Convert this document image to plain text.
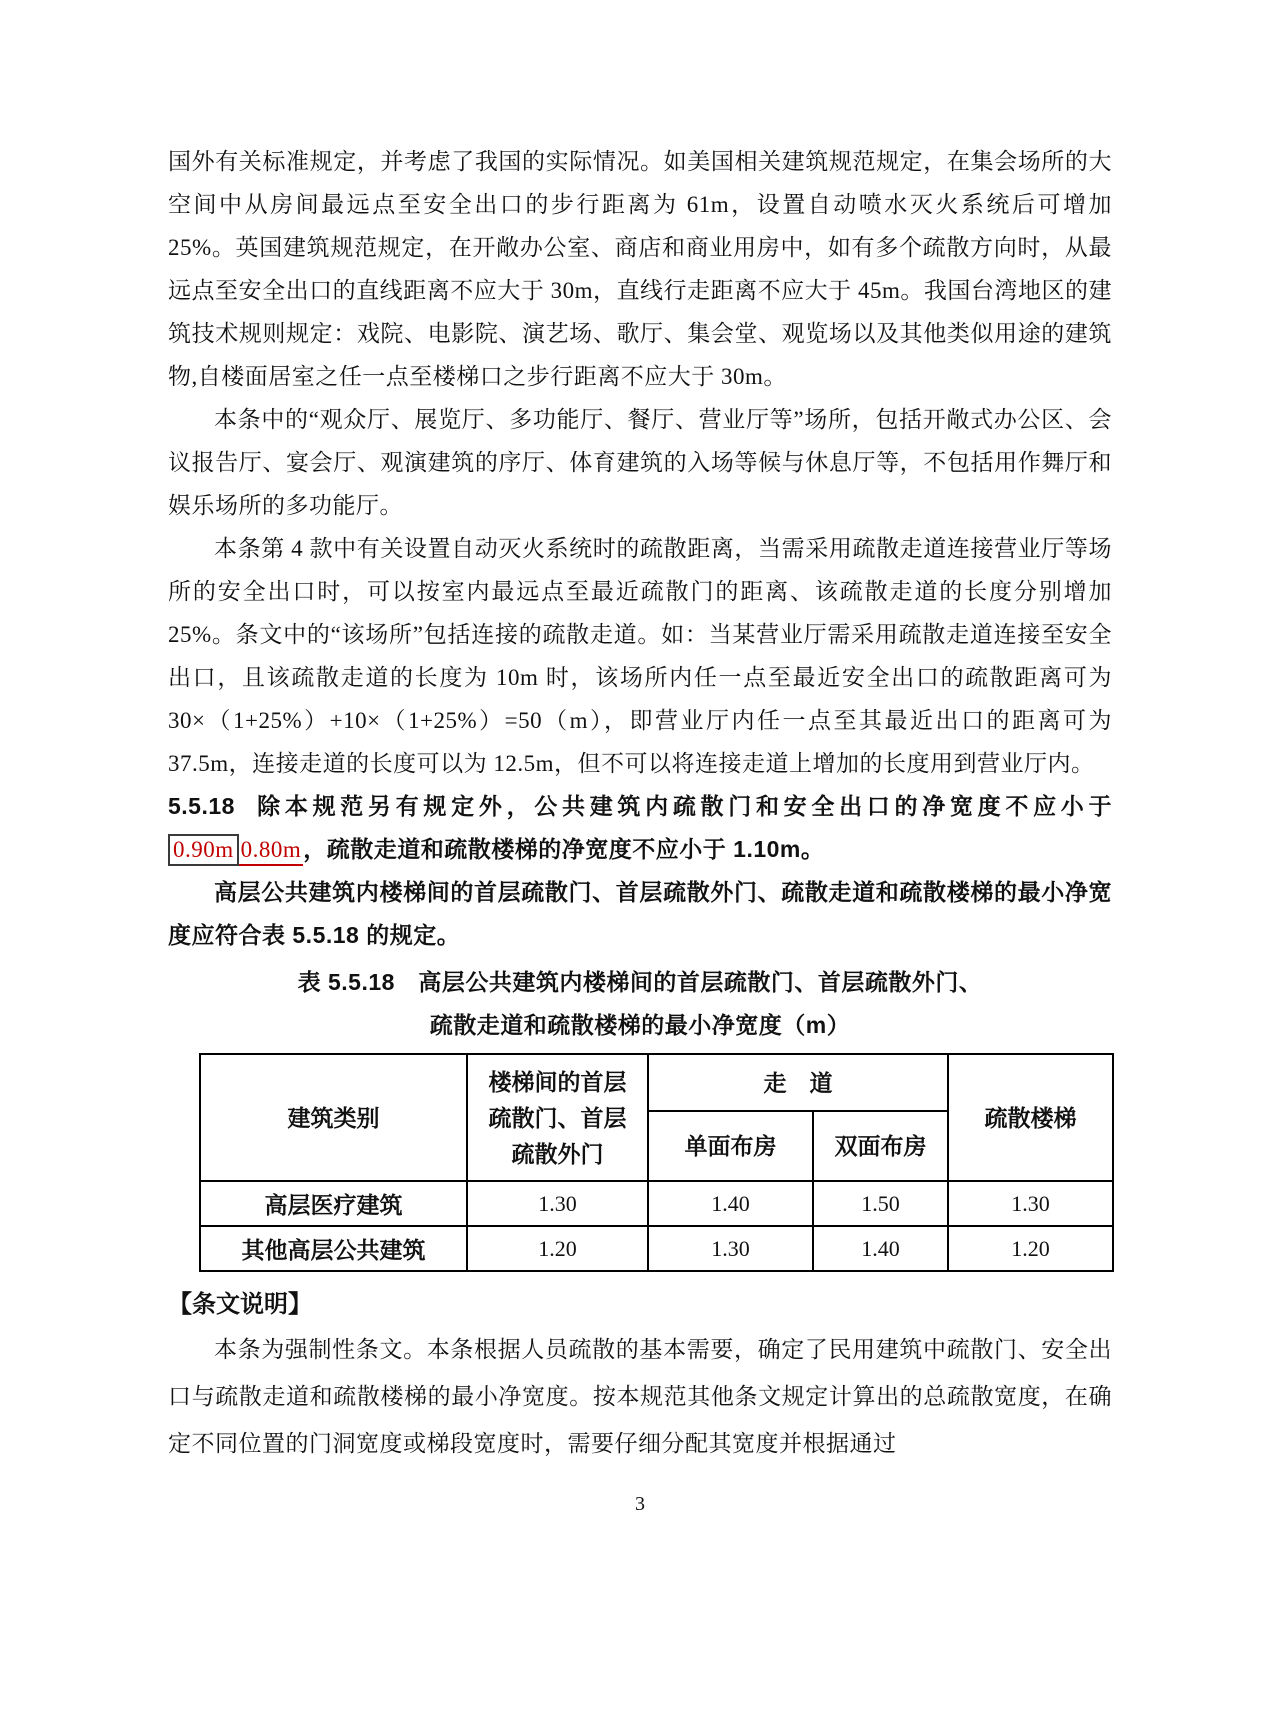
国外有关标准规定，并考虑了我国的实际情况。如美国相关建筑规范规定，在集会场所的大空间中从房间最远点至安全出口的步行距离为 61m，设置自动喷水灭火系统后可增加 25%。英国建筑规范规定，在开敞办公室、商店和商业用房中，如有多个疏散方向时，从最远点至安全出口的直线距离不应大于 30m，直线行走距离不应大于 45m。我国台湾地区的建筑技术规则规定：戏院、电影院、演艺场、歌厅、集会堂、观览场以及其他类似用途的建筑物,自楼面居室之任一点至楼梯口之步行距离不应大于 30m。

本条中的“观众厅、展览厅、多功能厅、餐厅、营业厅等”场所，包括开敞式办公区、会议报告厅、宴会厅、观演建筑的序厅、体育建筑的入场等候与休息厅等，不包括用作舞厅和娱乐场所的多功能厅。

本条第 4 款中有关设置自动灭火系统时的疏散距离，当需采用疏散走道连接营业厅等场所的安全出口时，可以按室内最远点至最近疏散门的距离、该疏散走道的长度分别增加 25%。条文中的“该场所”包括连接的疏散走道。如：当某营业厅需采用疏散走道连接至安全出口，且该疏散走道的长度为 10m 时，该场所内任一点至最近安全出口的疏散距离可为 30×（1+25%）+10×（1+25%）=50（m），即营业厅内任一点至其最近出口的距离可为 37.5m，连接走道的长度可以为 12.5m，但不可以将连接走道上增加的长度用到营业厅内。

5.5.18 除本规范另有规定外，公共建筑内疏散门和安全出口的净宽度不应小于0.90m 0.80m，疏散走道和疏散楼梯的净宽度不应小于 1.10m。

高层公共建筑内楼梯间的首层疏散门、首层疏散外门、疏散走道和疏散楼梯的最小净宽度应符合表 5.5.18 的规定。

表 5.5.18　高层公共建筑内楼梯间的首层疏散门、首层疏散外门、
疏散走道和疏散楼梯的最小净宽度（m）
建筑类别	楼梯间的首层疏散门、首层疏散外门	走　道		疏散楼梯
		单面布房	双面布房	
高层医疗建筑	1.30	1.40	1.50	1.30
其他高层公共建筑	1.20	1.30	1.40	1.20
【条文说明】

本条为强制性条文。本条根据人员疏散的基本需要，确定了民用建筑中疏散门、安全出口与疏散走道和疏散楼梯的最小净宽度。按本规范其他条文规定计算出的总疏散宽度，在确定不同位置的门洞宽度或梯段宽度时，需要仔细分配其宽度并根据通过

3
